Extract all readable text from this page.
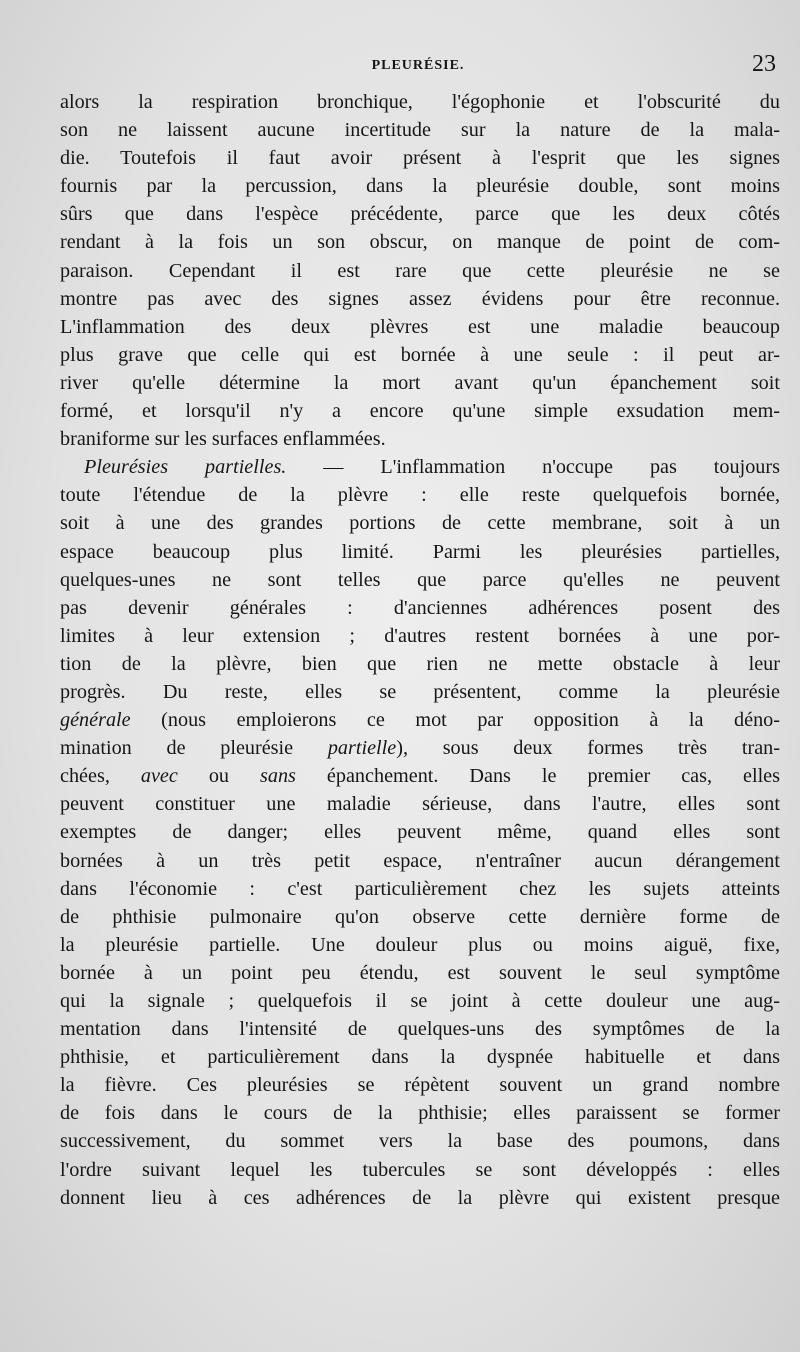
PLEURÉSIE.	23
alors la respiration bronchique, l'égophonie et l'obscurité du
son ne laissent aucune incertitude sur la nature de la mala-
die. Toutefois il faut avoir présent à l'esprit que les signes
fournis par la percussion, dans la pleurésie double, sont moins
sûrs que dans l'espèce précédente, parce que les deux côtés
rendant à la fois un son obscur, on manque de point de com-
paraison. Cependant il est rare que cette pleurésie ne se
montre pas avec des signes assez évidens pour être reconnue.
L'inflammation des deux plèvres est une maladie beaucoup
plus grave que celle qui est bornée à une seule : il peut ar-
river qu'elle détermine la mort avant qu'un épanchement soit
formé, et lorsqu'il n'y a encore qu'une simple exsudation mem-
braniforme sur les surfaces enflammées.
Pleurésies partielles. — L'inflammation n'occupe pas toujours
toute l'étendue de la plèvre : elle reste quelquefois bornée,
soit à une des grandes portions de cette membrane, soit à un
espace beaucoup plus limité. Parmi les pleurésies partielles,
quelques-unes ne sont telles que parce qu'elles ne peuvent
pas devenir générales : d'anciennes adhérences posent des
limites à leur extension ; d'autres restent bornées à une por-
tion de la plèvre, bien que rien ne mette obstacle à leur
progrès. Du reste, elles se présentent, comme la pleurésie
générale (nous emploierons ce mot par opposition à la déno-
mination de pleurésie partielle), sous deux formes très tran-
chées, avec ou sans épanchement. Dans le premier cas, elles
peuvent constituer une maladie sérieuse, dans l'autre, elles sont
exemptes de danger; elles peuvent même, quand elles sont
bornées à un très petit espace, n'entraîner aucun dérangement
dans l'économie : c'est particulièrement chez les sujets atteints
de phthisie pulmonaire qu'on observe cette dernière forme de
la pleurésie partielle. Une douleur plus ou moins aiguë, fixe,
bornée à un point peu étendu, est souvent le seul symptôme
qui la signale ; quelquefois il se joint à cette douleur une aug-
mentation dans l'intensité de quelques-uns des symptômes de la
phthisie, et particulièrement dans la dyspnée habituelle et dans
la fièvre. Ces pleurésies se répètent souvent un grand nombre
de fois dans le cours de la phthisie; elles paraissent se former
successivement, du sommet vers la base des poumons, dans
l'ordre suivant lequel les tubercules se sont développés : elles
donnent lieu à ces adhérences de la plèvre qui existent presque
